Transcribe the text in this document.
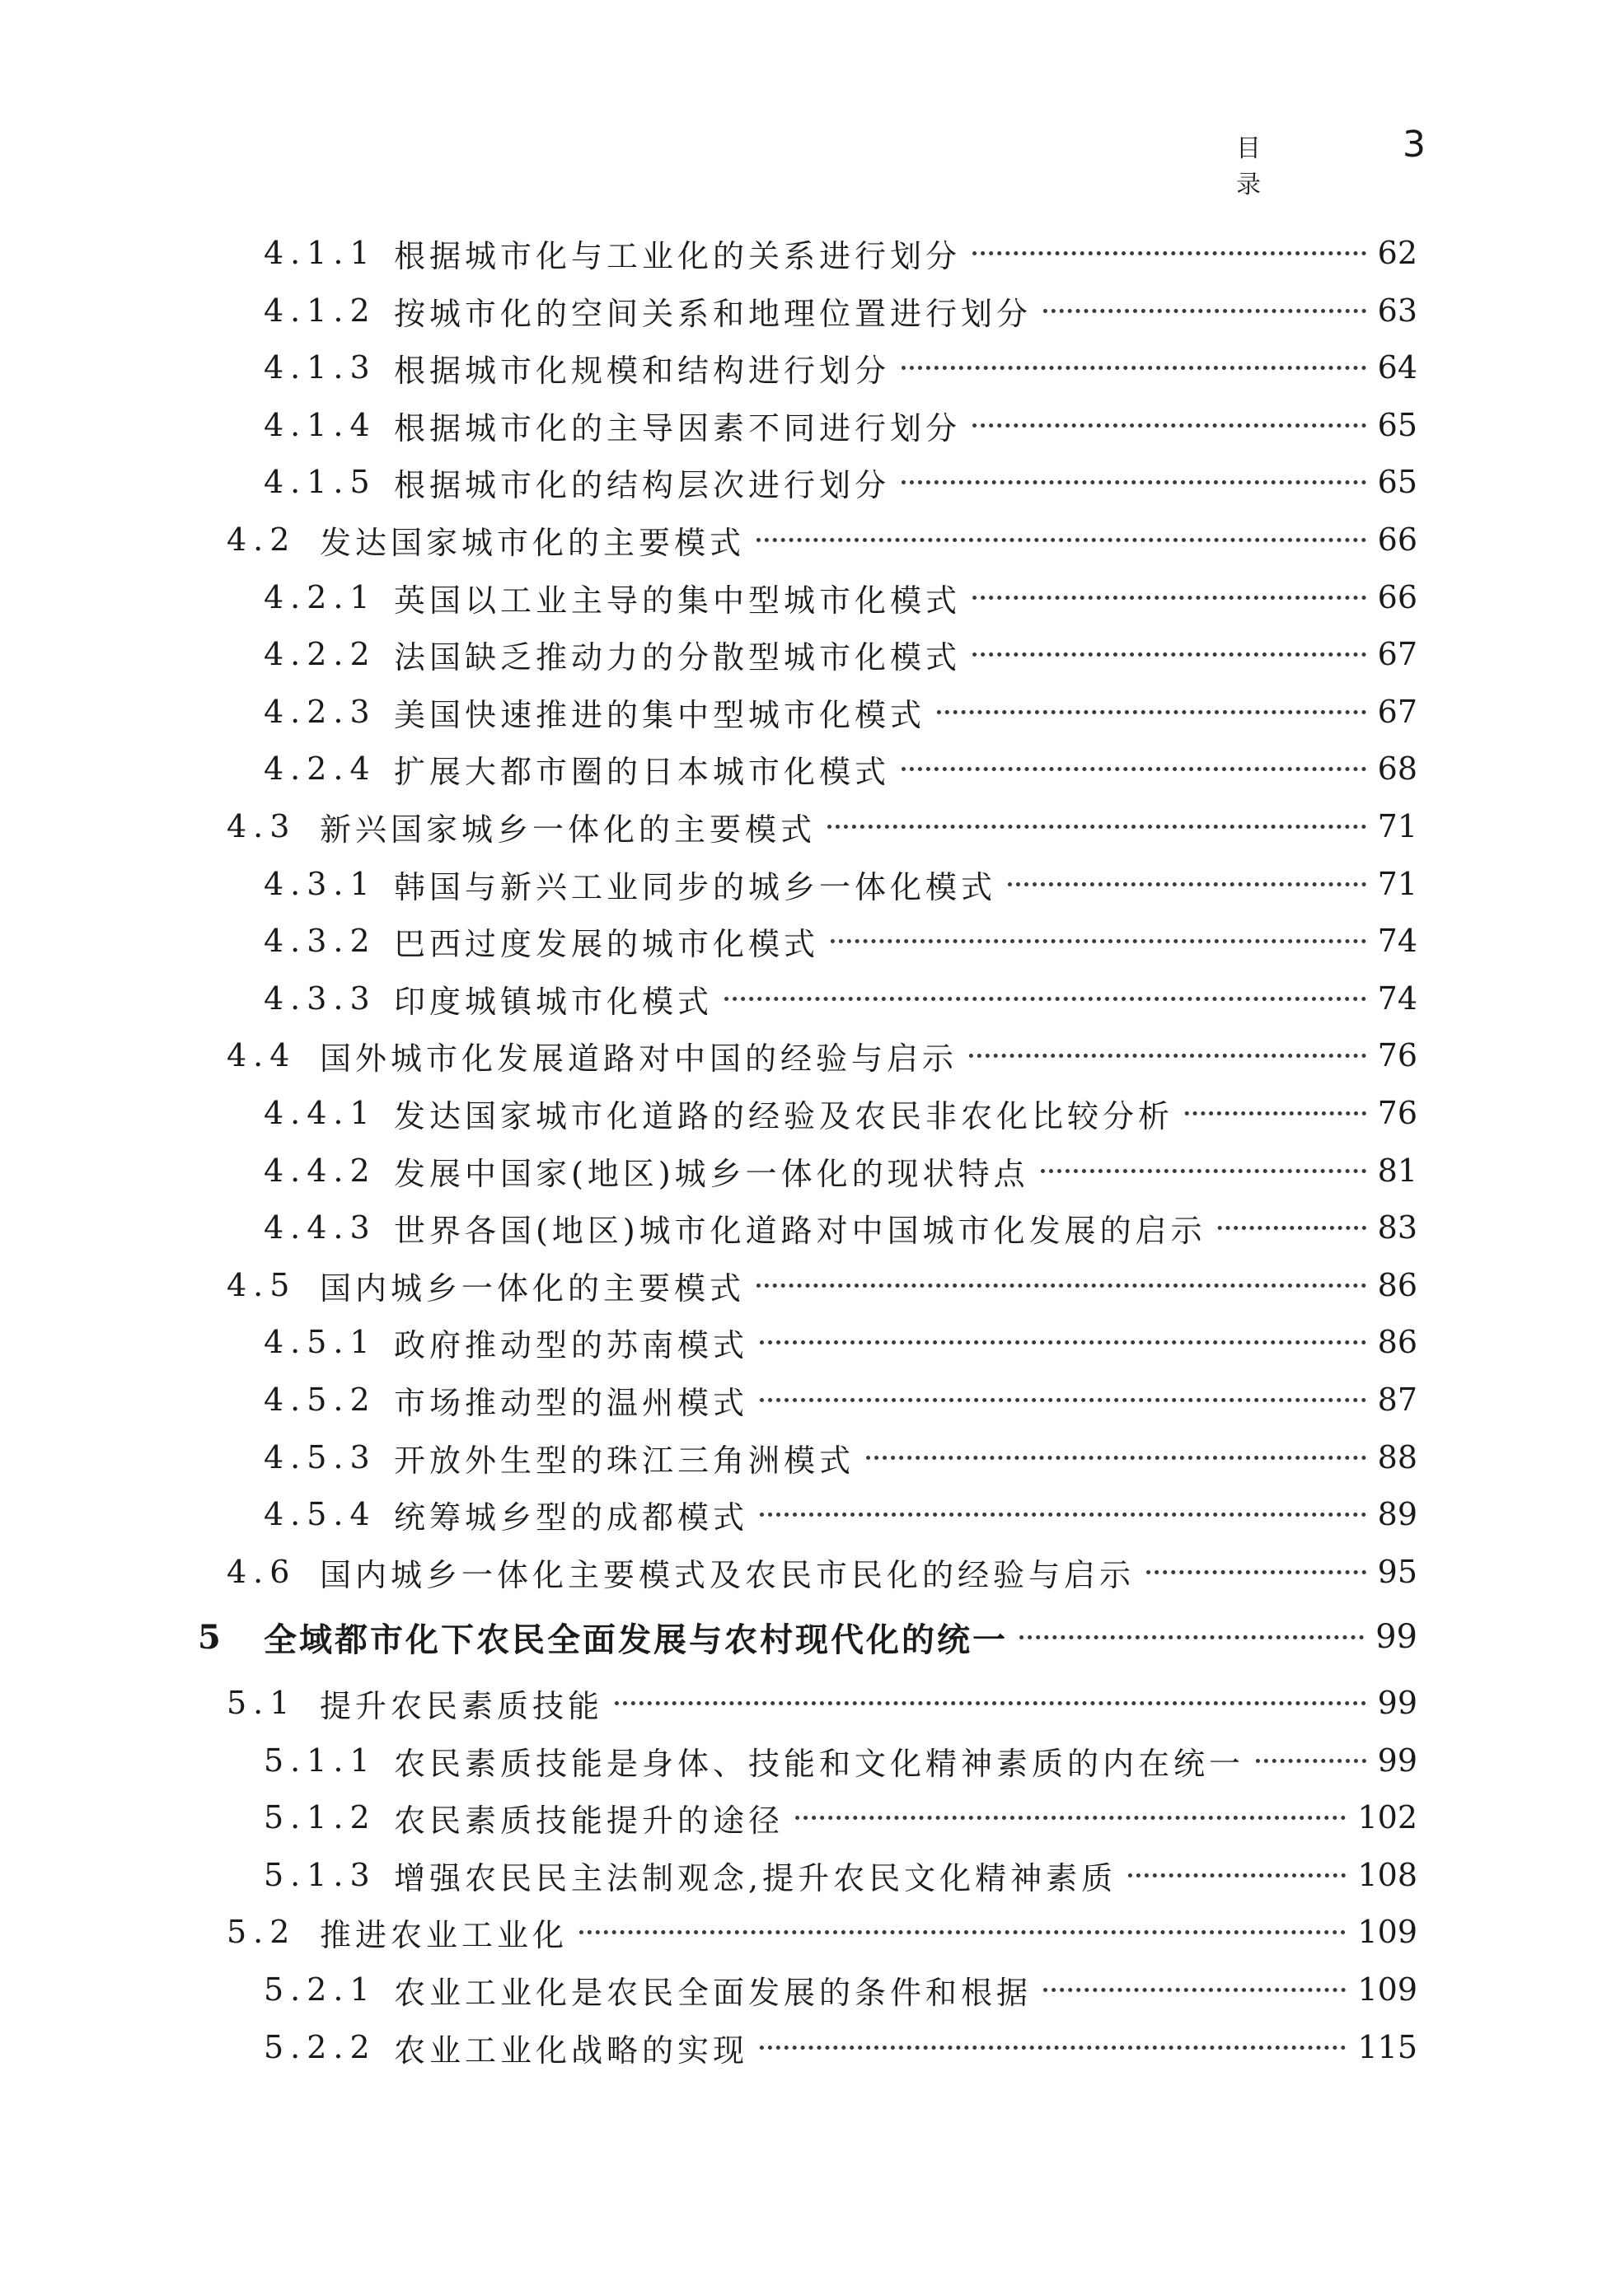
目 录
3
4.1.1 根据城市化与工业化的关系进行划分	62
4.1.2 按城市化的空间关系和地理位置进行划分	63
4.1.3 根据城市化规模和结构进行划分	64
4.1.4 根据城市化的主导因素不同进行划分	65
4.1.5 根据城市化的结构层次进行划分	65
4.2 发达国家城市化的主要模式	66
4.2.1 英国以工业主导的集中型城市化模式	66
4.2.2 法国缺乏推动力的分散型城市化模式	67
4.2.3 美国快速推进的集中型城市化模式	67
4.2.4 扩展大都市圈的日本城市化模式	68
4.3 新兴国家城乡一体化的主要模式	71
4.3.1 韩国与新兴工业同步的城乡一体化模式	71
4.3.2 巴西过度发展的城市化模式	74
4.3.3 印度城镇城市化模式	74
4.4 国外城市化发展道路对中国的经验与启示	76
4.4.1 发达国家城市化道路的经验及农民非农化比较分析	76
4.4.2 发展中国家(地区)城乡一体化的现状特点	81
4.4.3 世界各国(地区)城市化道路对中国城市化发展的启示	83
4.5 国内城乡一体化的主要模式	86
4.5.1 政府推动型的苏南模式	86
4.5.2 市场推动型的温州模式	87
4.5.3 开放外生型的珠江三角洲模式	88
4.5.4 统筹城乡型的成都模式	89
4.6 国内城乡一体化主要模式及农民市民化的经验与启示	95
5 全域都市化下农民全面发展与农村现代化的统一	99
5.1 提升农民素质技能	99
5.1.1 农民素质技能是身体、技能和文化精神素质的内在统一	99
5.1.2 农民素质技能提升的途径	102
5.1.3 增强农民民主法制观念,提升农民文化精神素质	108
5.2 推进农业工业化	109
5.2.1 农业工业化是农民全面发展的条件和根据	109
5.2.2 农业工业化战略的实现	115
